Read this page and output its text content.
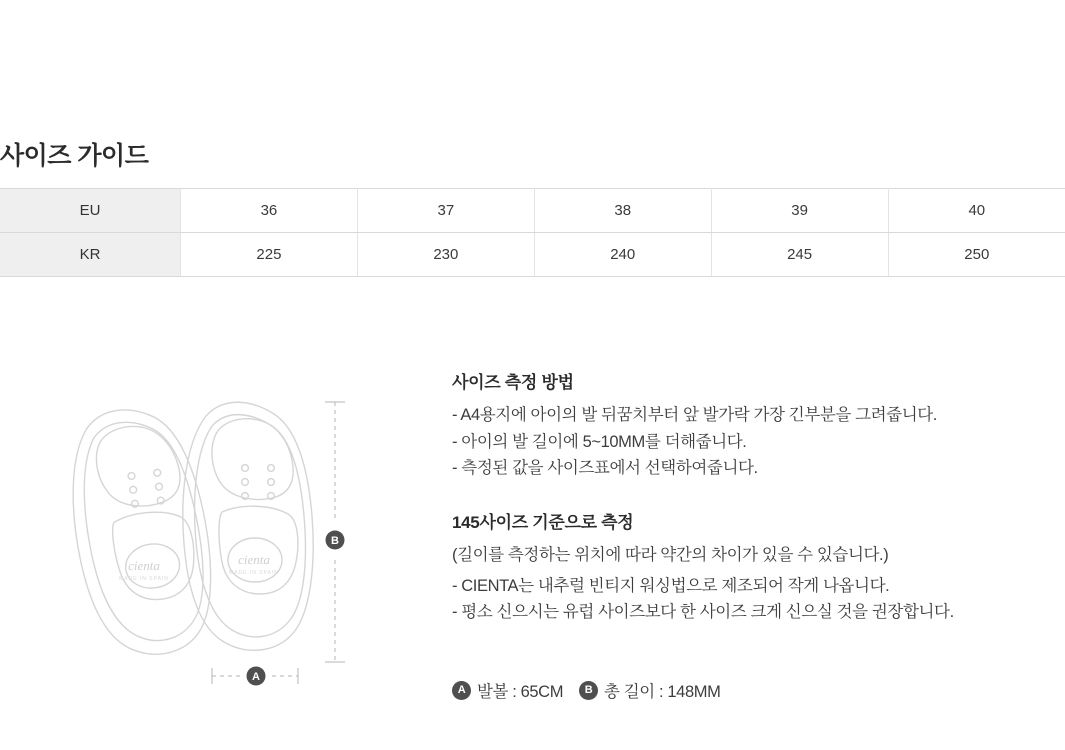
사이즈 가이드
EU	36	37	38	39	40
KR	225	230	240	245	250
cienta
MADE IN SPAIN
cienta
MADE IN SPAIN
B
A
사이즈 측정 방법
- A4용지에 아이의 발 뒤꿈치부터 앞 발가락 가장 긴부분을 그려줍니다.
- 아이의 발 길이에 5~10MM를 더해줍니다.
- 측정된 값을 사이즈표에서 선택하여줍니다.
145사이즈 기준으로 측정
(길이를 측정하는 위치에 따라 약간의 차이가 있을 수 있습니다.)
- CIENTA는 내추럴 빈티지 워싱법으로 제조되어 작게 나옵니다.
- 평소 신으시는 유럽 사이즈보다 한 사이즈 크게 신으실 것을 권장합니다.
A 발볼 : 65CM	B 총 길이 : 148MM
